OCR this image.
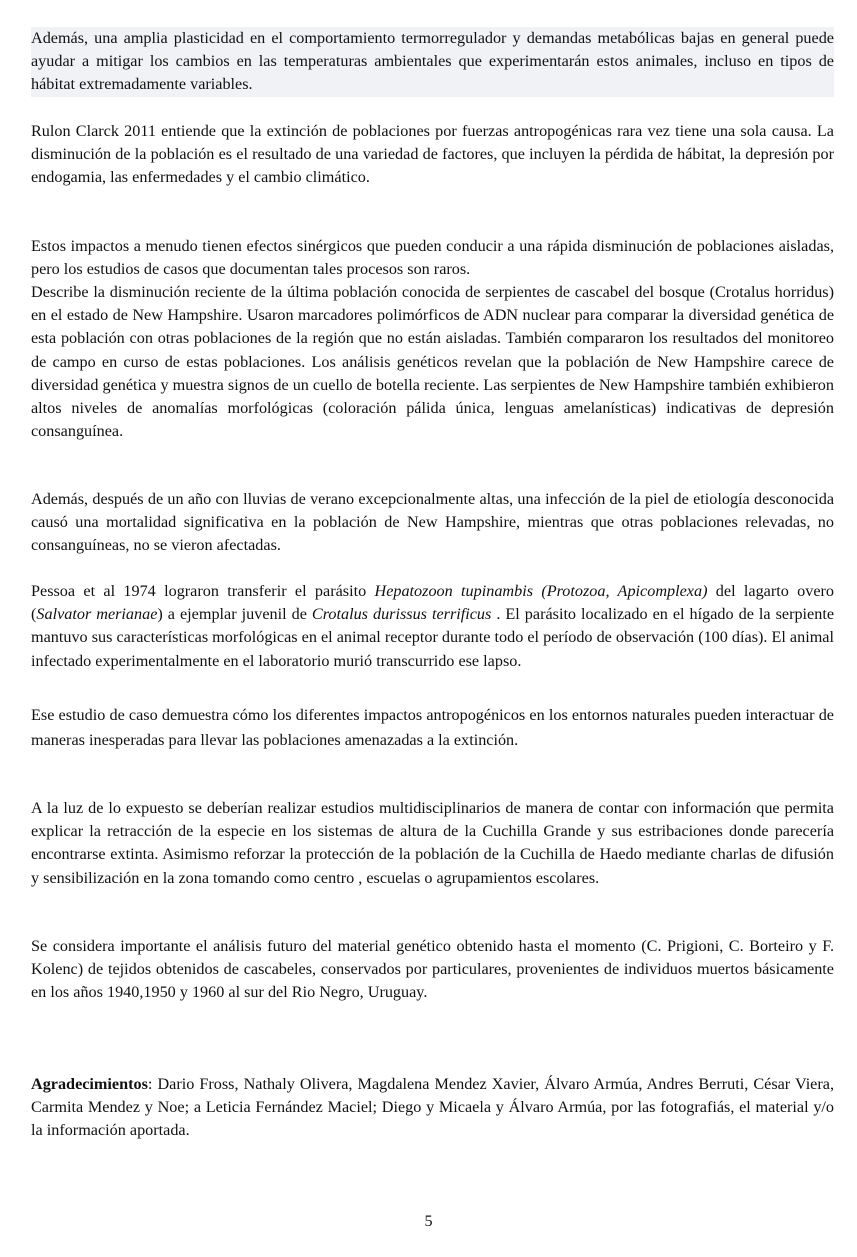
Además, una amplia plasticidad en el comportamiento termorregulador y demandas metabólicas bajas en general puede ayudar a mitigar los cambios en las temperaturas ambientales que experimentarán estos animales, incluso en tipos de hábitat extremadamente variables.

Rulon Clarck 2011 entiende que la extinción de poblaciones por fuerzas antropogénicas rara vez tiene una sola causa. La disminución de la población es el resultado de una variedad de factores, que incluyen la pérdida de hábitat, la depresión por endogamia, las enfermedades y el cambio climático.

Estos impactos a menudo tienen efectos sinérgicos que pueden conducir a una rápida disminución de poblaciones aisladas, pero los estudios de casos que documentan tales procesos son raros.

Describe la disminución reciente de la última población conocida de serpientes de cascabel del bosque (Crotalus horridus) en el estado de New Hampshire. Usaron marcadores polimórficos de ADN nuclear para comparar la diversidad genética de esta población con otras poblaciones de la región que no están aisladas. También compararon los resultados del monitoreo de campo en curso de estas poblaciones. Los análisis genéticos revelan que la población de New Hampshire carece de diversidad genética y muestra signos de un cuello de botella reciente. Las serpientes de New Hampshire también exhibieron altos niveles de anomalías morfológicas (coloración pálida única, lenguas amelanísticas) indicativas de depresión consanguínea.

Además, después de un año con lluvias de verano excepcionalmente altas, una infección de la piel de etiología desconocida causó una mortalidad significativa en la población de New Hampshire, mientras que otras poblaciones relevadas, no consanguíneas, no se vieron afectadas.

Pessoa et al 1974 lograron transferir el parásito Hepatozoon tupinambis (Protozoa, Apicomplexa) del lagarto overo (Salvator merianae) a ejemplar juvenil de Crotalus durissus terrificus . El parásito localizado en el hígado de la serpiente mantuvo sus características morfológicas en el animal receptor durante todo el período de observación (100 días). El animal infectado experimentalmente en el laboratorio murió transcurrido ese lapso.

Ese estudio de caso demuestra cómo los diferentes impactos antropogénicos en los entornos naturales pueden interactuar de maneras inesperadas para llevar las poblaciones amenazadas a la extinción.

A la luz de lo expuesto se deberían realizar estudios multidisciplinarios de manera de contar con información que permita explicar la retracción de la especie en los sistemas de altura de la Cuchilla Grande y sus estribaciones donde parecería encontrarse extinta. Asimismo reforzar la protección de la población de la Cuchilla de Haedo mediante charlas de difusión y sensibilización en la zona tomando como centro , escuelas o agrupamientos escolares.

Se considera importante el análisis futuro del material genético obtenido hasta el momento (C. Prigioni, C. Borteiro y F. Kolenc) de tejidos obtenidos de cascabeles, conservados por particulares, provenientes de individuos muertos básicamente en los años 1940,1950 y 1960 al sur del Rio Negro, Uruguay.

Agradecimientos: Dario Fross, Nathaly Olivera, Magdalena Mendez Xavier, Álvaro Armúa, Andres Berruti, César Viera, Carmita Mendez y Noe; a Leticia Fernández Maciel; Diego y Micaela y Álvaro Armúa, por las fotografiás, el material y/o la información aportada.

5
